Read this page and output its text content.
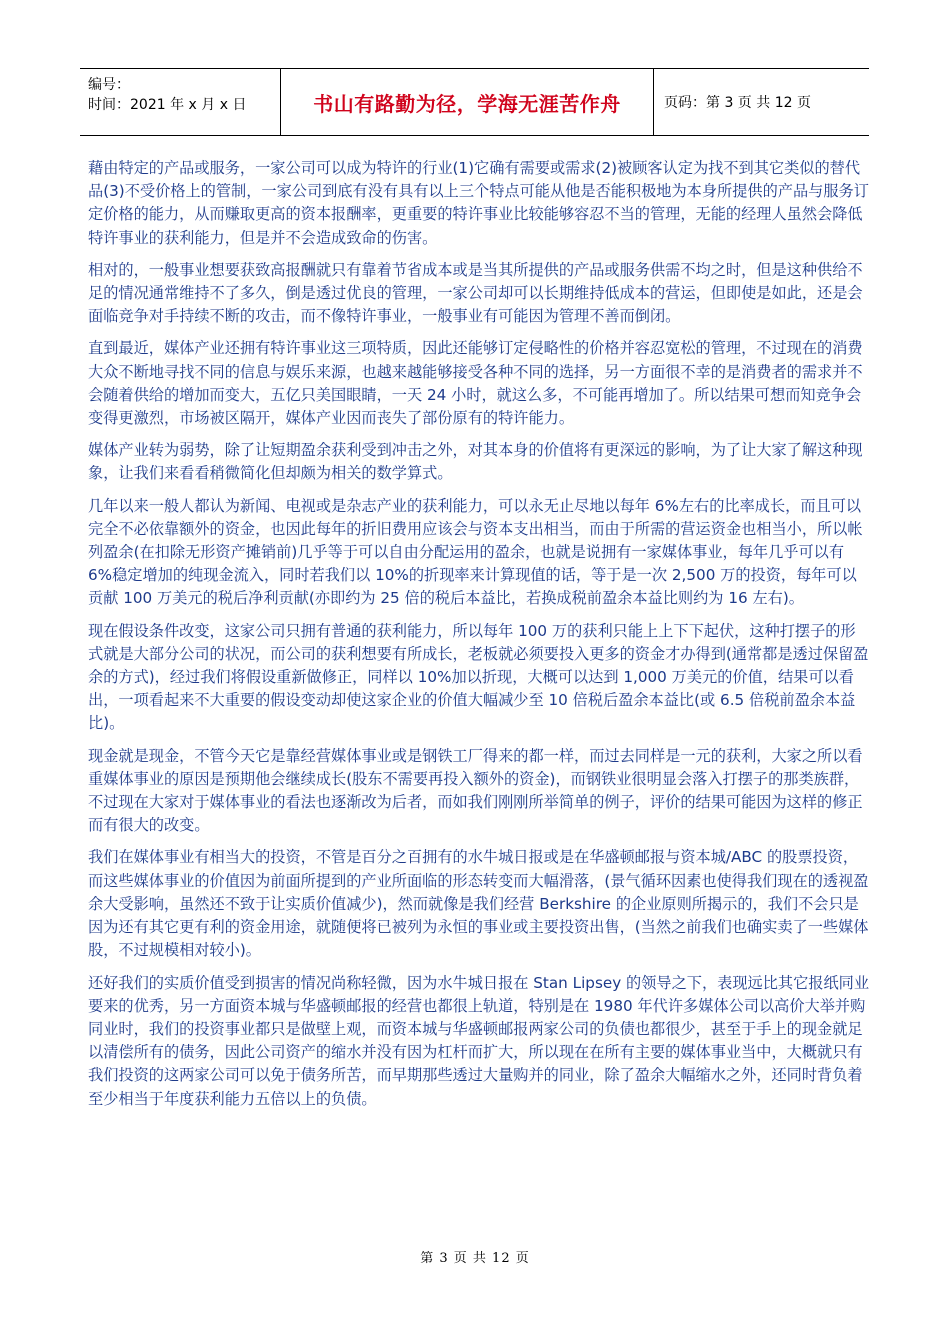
编号：
时间：2021 年 x 月 x 日	书山有路勤为径，学海无涯苦作舟	页码：第 3 页 共 12 页

藉由特定的产品或服务，一家公司可以成为特许的行业(1)它确有需要或需求(2)被顾客认定为找不到其它类似的替代品(3)不受价格上的管制，一家公司到底有没有具有以上三个特点可能从他是否能积极地为本身所提供的产品与服务订定价格的能力，从而赚取更高的资本报酬率，更重要的特许事业比较能够容忍不当的管理，无能的经理人虽然会降低特许事业的获利能力，但是并不会造成致命的伤害。

相对的，一般事业想要获致高报酬就只有靠着节省成本或是当其所提供的产品或服务供需不均之时，但是这种供给不足的情况通常维持不了多久，倒是透过优良的管理，一家公司却可以长期维持低成本的营运，但即使是如此，还是会面临竞争对手持续不断的攻击，而不像特许事业，一般事业有可能因为管理不善而倒闭。

直到最近，媒体产业还拥有特许事业这三项特质，因此还能够订定侵略性的价格并容忍宽松的管理，不过现在的消费大众不断地寻找不同的信息与娱乐来源，也越来越能够接受各种不同的选择，另一方面很不幸的是消费者的需求并不会随着供给的增加而变大，五亿只美国眼睛，一天 24 小时，就这么多，不可能再增加了。所以结果可想而知竞争会变得更激烈，市场被区隔开，媒体产业因而丧失了部份原有的特许能力。

媒体产业转为弱势，除了让短期盈余获利受到冲击之外，对其本身的价值将有更深远的影响，为了让大家了解这种现象，让我们来看看稍微简化但却颇为相关的数学算式。

几年以来一般人都认为新闻、电视或是杂志产业的获利能力，可以永无止尽地以每年 6%左右的比率成长，而且可以完全不必依靠额外的资金，也因此每年的折旧费用应该会与资本支出相当，而由于所需的营运资金也相当小，所以帐列盈余(在扣除无形资产摊销前)几乎等于可以自由分配运用的盈余，也就是说拥有一家媒体事业，每年几乎可以有 6%稳定增加的纯现金流入，同时若我们以 10%的折现率来计算现值的话，等于是一次 2,500 万的投资，每年可以贡献 100 万美元的税后净利贡献(亦即约为 25 倍的税后本益比，若换成税前盈余本益比则约为 16 左右)。

现在假设条件改变，这家公司只拥有普通的获利能力，所以每年 100 万的获利只能上上下下起伏，这种打摆子的形式就是大部分公司的状况，而公司的获利想要有所成长，老板就必须要投入更多的资金才办得到(通常都是透过保留盈余的方式)，经过我们将假设重新做修正，同样以 10%加以折现，大概可以达到 1,000 万美元的价值，结果可以看出，一项看起来不大重要的假设变动却使这家企业的价值大幅减少至 10 倍税后盈余本益比(或 6.5 倍税前盈余本益比)。

现金就是现金，不管今天它是靠经营媒体事业或是钢铁工厂得来的都一样，而过去同样是一元的获利，大家之所以看重媒体事业的原因是预期他会继续成长(股东不需要再投入额外的资金)，而钢铁业很明显会落入打摆子的那类族群，不过现在大家对于媒体事业的看法也逐渐改为后者，而如我们刚刚所举简单的例子，评价的结果可能因为这样的修正而有很大的改变。

我们在媒体事业有相当大的投资，不管是百分之百拥有的水牛城日报或是在华盛顿邮报与资本城/ABC 的股票投资，而这些媒体事业的价值因为前面所提到的产业所面临的形态转变而大幅滑落，(景气循环因素也使得我们现在的透视盈余大受影响，虽然还不致于让实质价值减少)，然而就像是我们经营 Berkshire 的企业原则所揭示的，我们不会只是因为还有其它更有利的资金用途，就随便将已被列为永恒的事业或主要投资出售，(当然之前我们也确实卖了一些媒体股，不过规模相对较小)。

还好我们的实质价值受到损害的情况尚称轻微，因为水牛城日报在 Stan Lipsey 的领导之下，表现远比其它报纸同业要来的优秀，另一方面资本城与华盛顿邮报的经营也都很上轨道，特别是在 1980 年代许多媒体公司以高价大举并购同业时，我们的投资事业都只是做壁上观，而资本城与华盛顿邮报两家公司的负债也都很少，甚至于手上的现金就足以清偿所有的债务，因此公司资产的缩水并没有因为杠杆而扩大，所以现在在所有主要的媒体事业当中，大概就只有我们投资的这两家公司可以免于债务所苦，而早期那些透过大量购并的同业，除了盈余大幅缩水之外，还同时背负着至少相当于年度获利能力五倍以上的负债。

第 3 页 共 12 页
